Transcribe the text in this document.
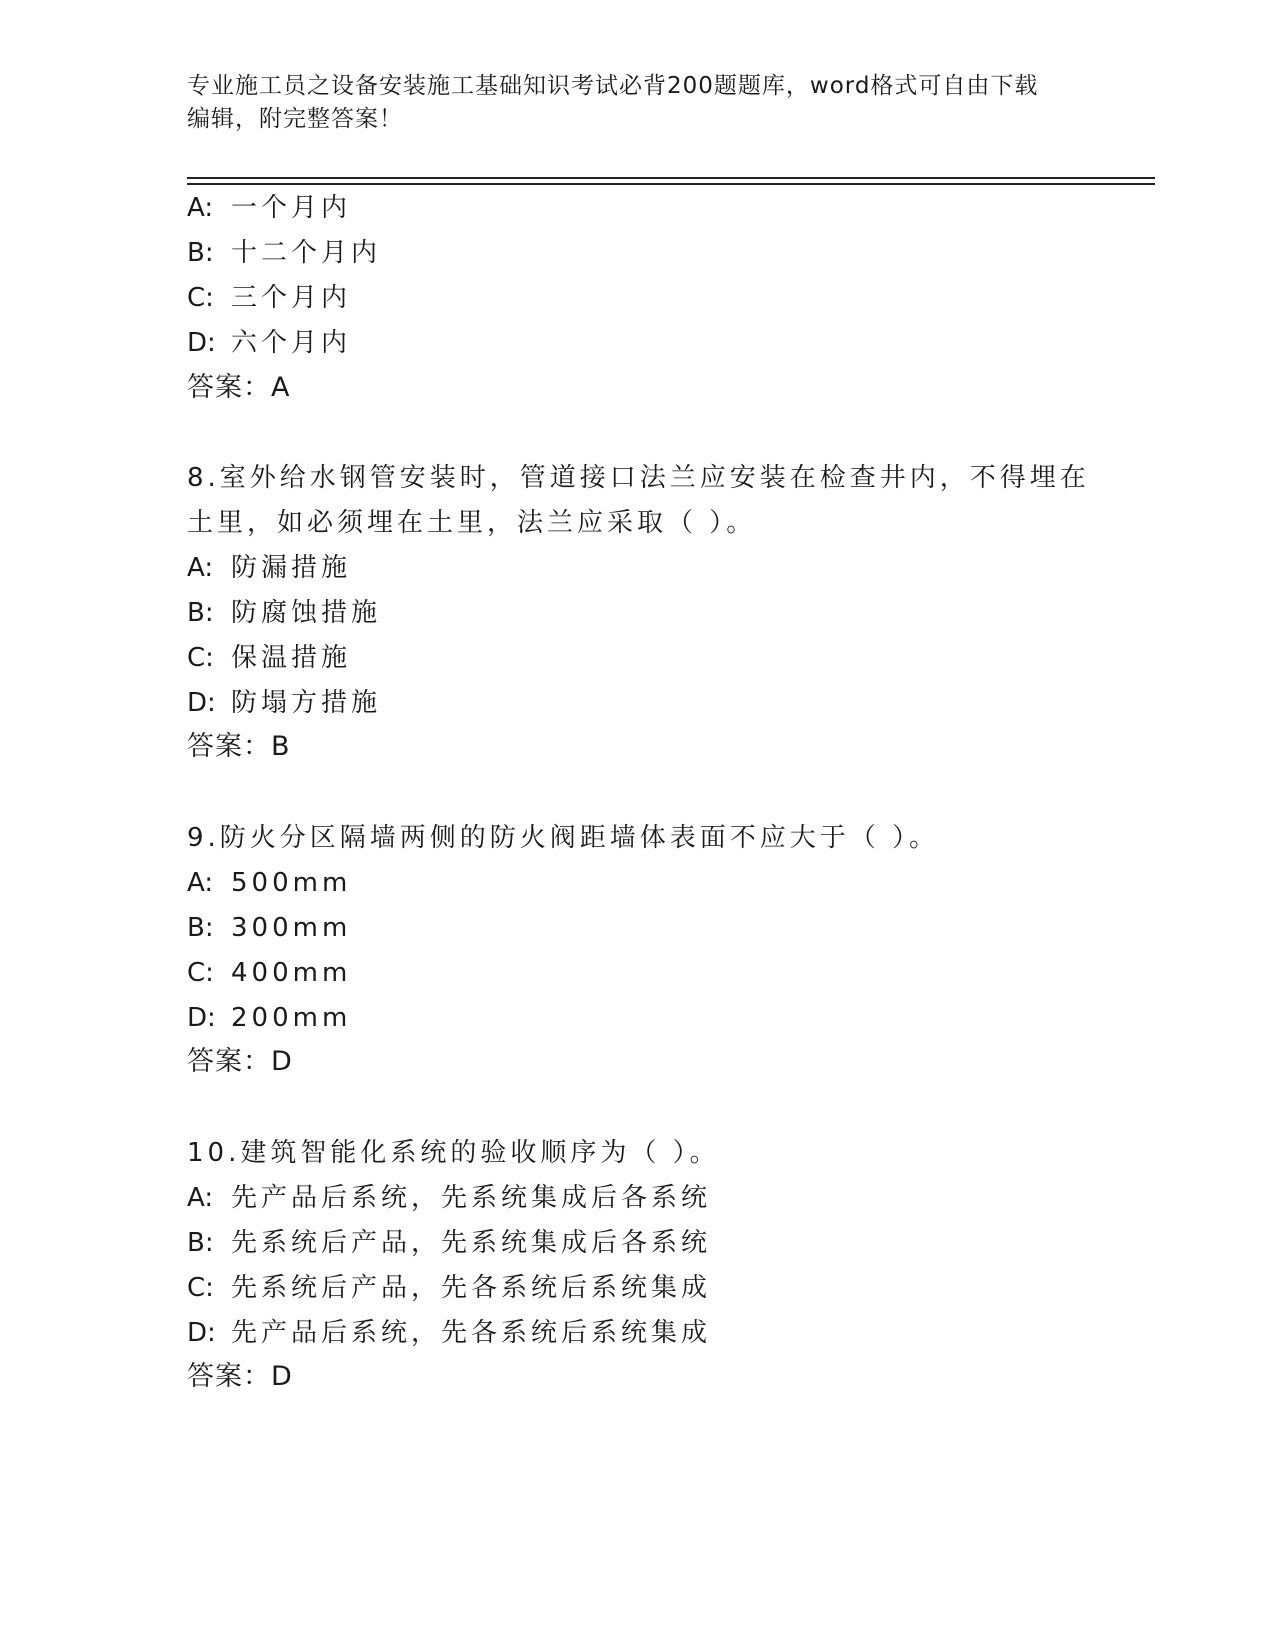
专业施工员之设备安装施工基础知识考试必背200题题库，word格式可自由下载
编辑，附完整答案！
A: 一个月内
B: 十二个月内
C: 三个月内
D: 六个月内
答案：A
8.室外给水钢管安装时，管道接口法兰应安装在检查井内，不得埋在
土里，如必须埋在土里，法兰应采取（ ）。
A: 防漏措施
B: 防腐蚀措施
C: 保温措施
D: 防塌方措施
答案：B
9.防火分区隔墙两侧的防火阀距墙体表面不应大于（ ）。
A: 500mm
B: 300mm
C: 400mm
D: 200mm
答案：D
10.建筑智能化系统的验收顺序为（ ）。
A: 先产品后系统，先系统集成后各系统
B: 先系统后产品，先系统集成后各系统
C: 先系统后产品，先各系统后系统集成
D: 先产品后系统，先各系统后系统集成
答案：D
